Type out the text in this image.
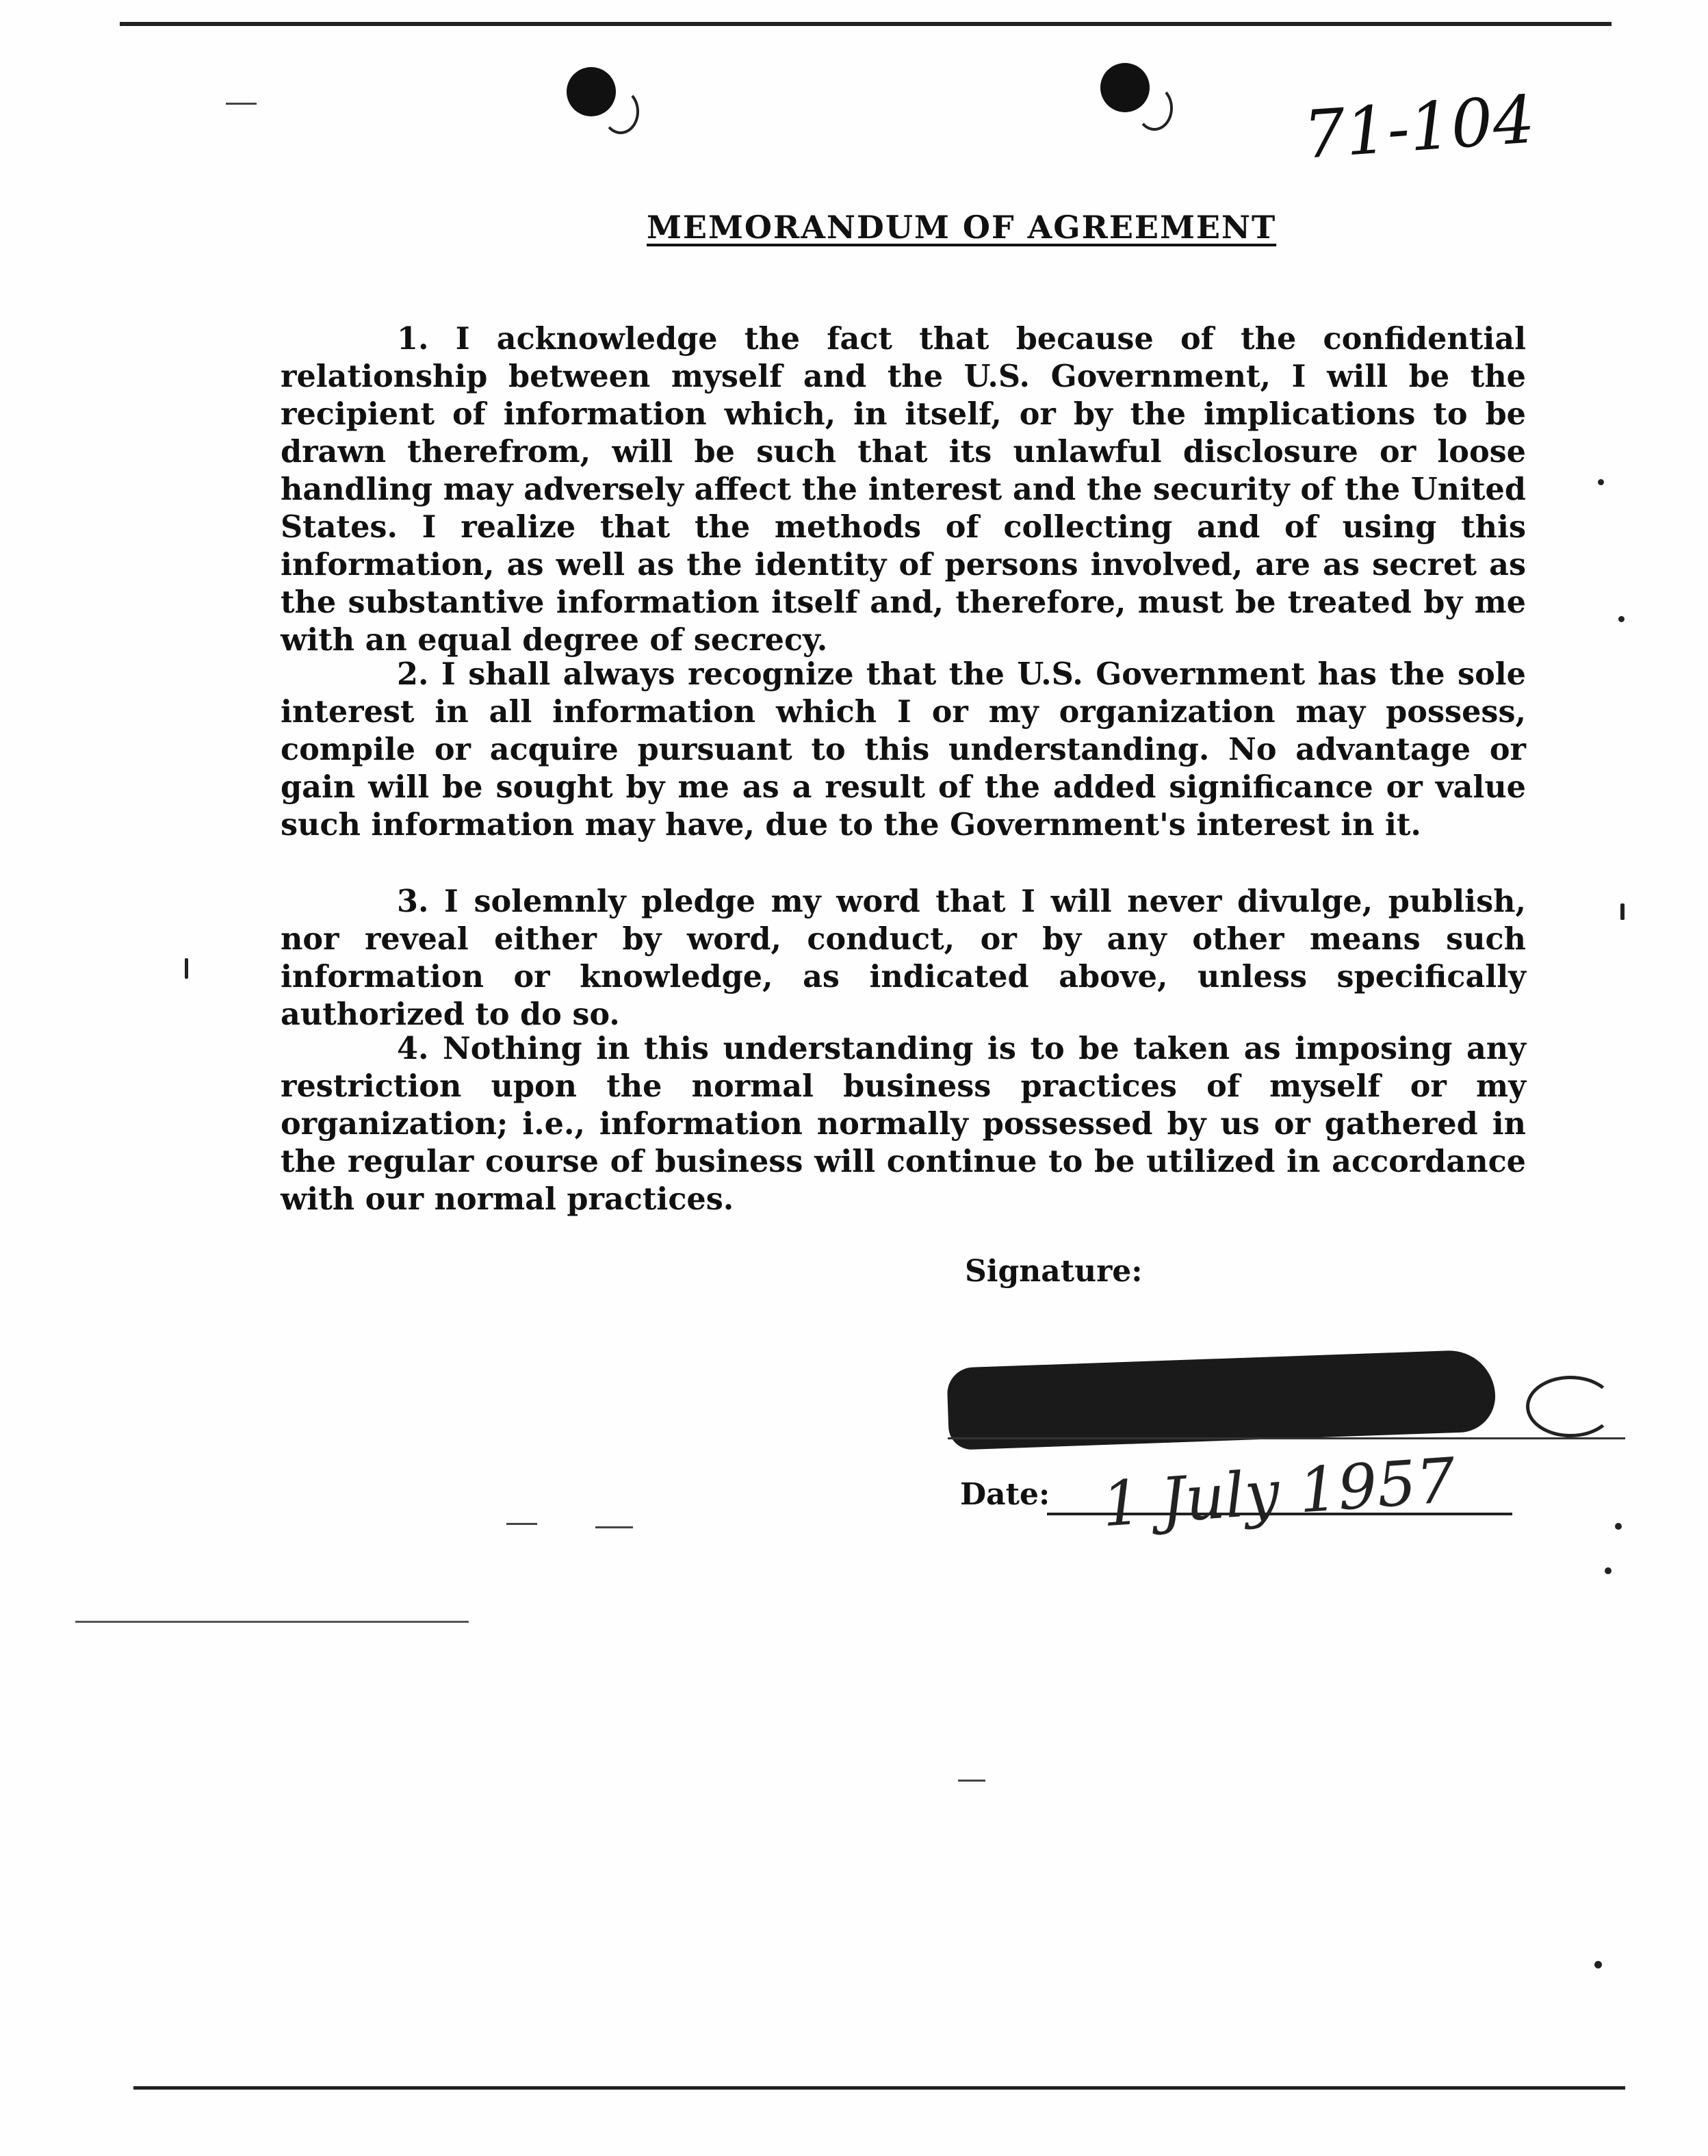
71-104
MEMORANDUM OF AGREEMENT

1. I acknowledge the fact that because of the confidential relationship between myself and the U.S. Government, I will be the recipient of information which, in itself, or by the implications to be drawn therefrom, will be such that its unlawful disclosure or loose handling may adversely affect the interest and the security of the United States. I realize that the methods of collecting and of using this information, as well as the identity of persons involved, are as secret as the substantive information itself and, therefore, must be treated by me with an equal degree of secrecy.

2. I shall always recognize that the U.S. Government has the sole interest in all information which I or my organization may possess, compile or acquire pursuant to this understanding. No advantage or gain will be sought by me as a result of the added significance or value such information may have, due to the Government's interest in it.

3. I solemnly pledge my word that I will never divulge, publish, nor reveal either by word, conduct, or by any other means such information or knowledge, as indicated above, unless specifically authorized to do so.

4. Nothing in this understanding is to be taken as imposing any restriction upon the normal business practices of myself or my organization; i.e., information normally possessed by us or gathered in the regular course of business will continue to be utilized in accordance with our normal practices.

Signature:
Date: 1 July 1957
